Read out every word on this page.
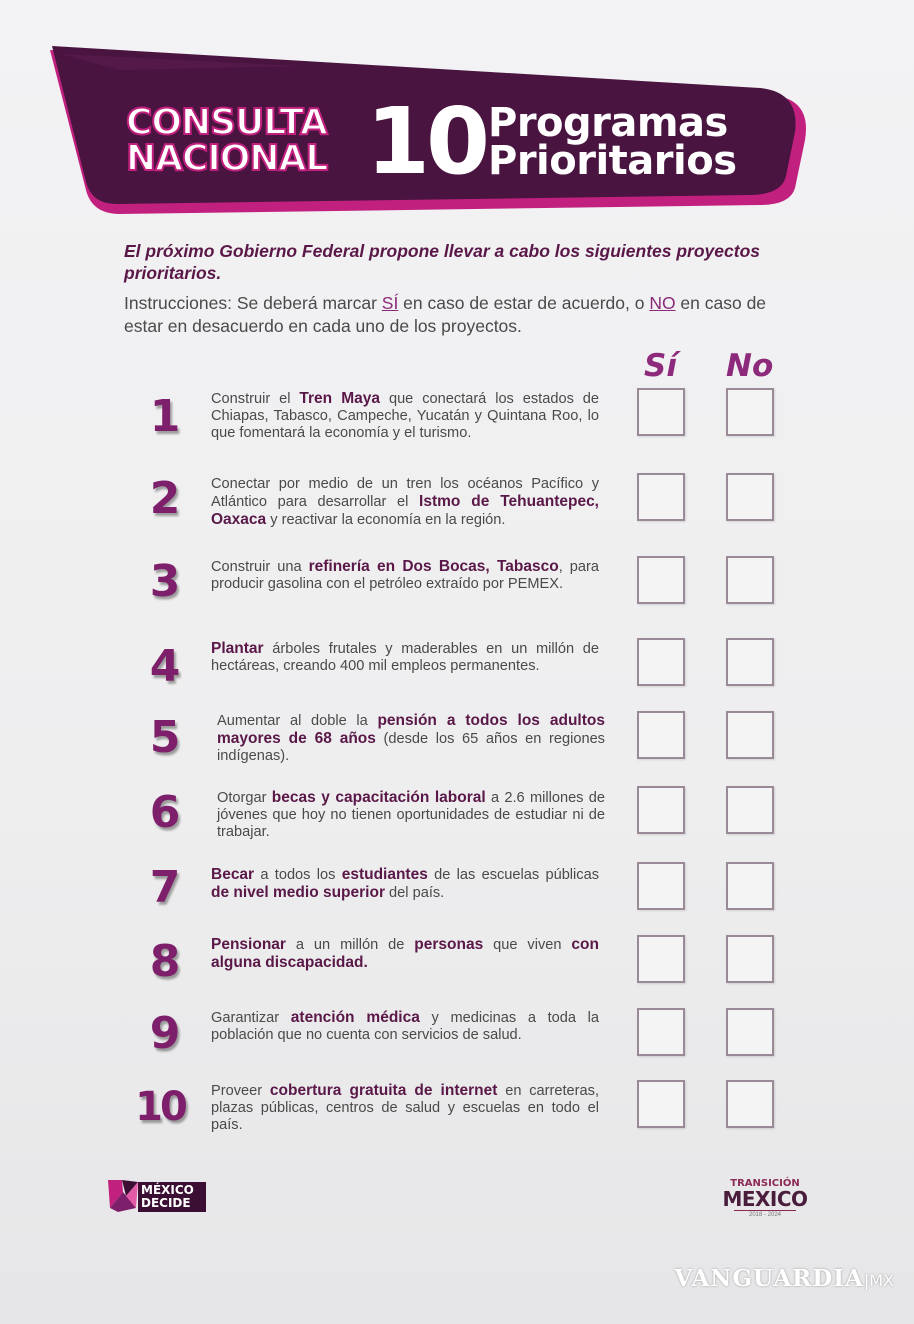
CONSULTA
NACIONAL 10 Programas
Prioritarios
El próximo Gobierno Federal propone llevar a cabo los siguientes proyectos prioritarios.
Instrucciones: Se deberá marcar SÍ en caso de estar de acuerdo, o NO en caso de estar en desacuerdo en cada uno de los proyectos.
Sí No
1	Construir el Tren Maya que conectará los estados de Chiapas, Tabasco, Campeche, Yucatán y Quintana Roo, lo que fomentará la economía y el turismo.
2	Conectar por medio de un tren los océanos Pacífico y Atlántico para desarrollar el Istmo de Tehuantepec, Oaxaca y reactivar la economía en la región.
3	Construir una refinería en Dos Bocas, Tabasco, para producir gasolina con el petróleo extraído por PEMEX.
4	Plantar árboles frutales y maderables en un millón de hectáreas, creando 400 mil empleos permanentes.
5	Aumentar al doble la pensión a todos los adultos mayores de 68 años (desde los 65 años en regiones indígenas).
6	Otorgar becas y capacitación laboral a 2.6 millones de jóvenes que hoy no tienen oportunidades de estudiar ni de trabajar.
7	Becar a todos los estudiantes de las escuelas públicas de nivel medio superior del país.
8	Pensionar a un millón de personas que viven con alguna discapacidad.
9	Garantizar atención médica y medicinas a toda la población que no cuenta con servicios de salud.
10	Proveer cobertura gratuita de internet en carreteras, plazas públicas, centros de salud y escuelas en todo el país.
MÉXICO
DECIDE
TRANSICIÓN
MEXICO
2018 - 2024
VANGUARDIA|MX
